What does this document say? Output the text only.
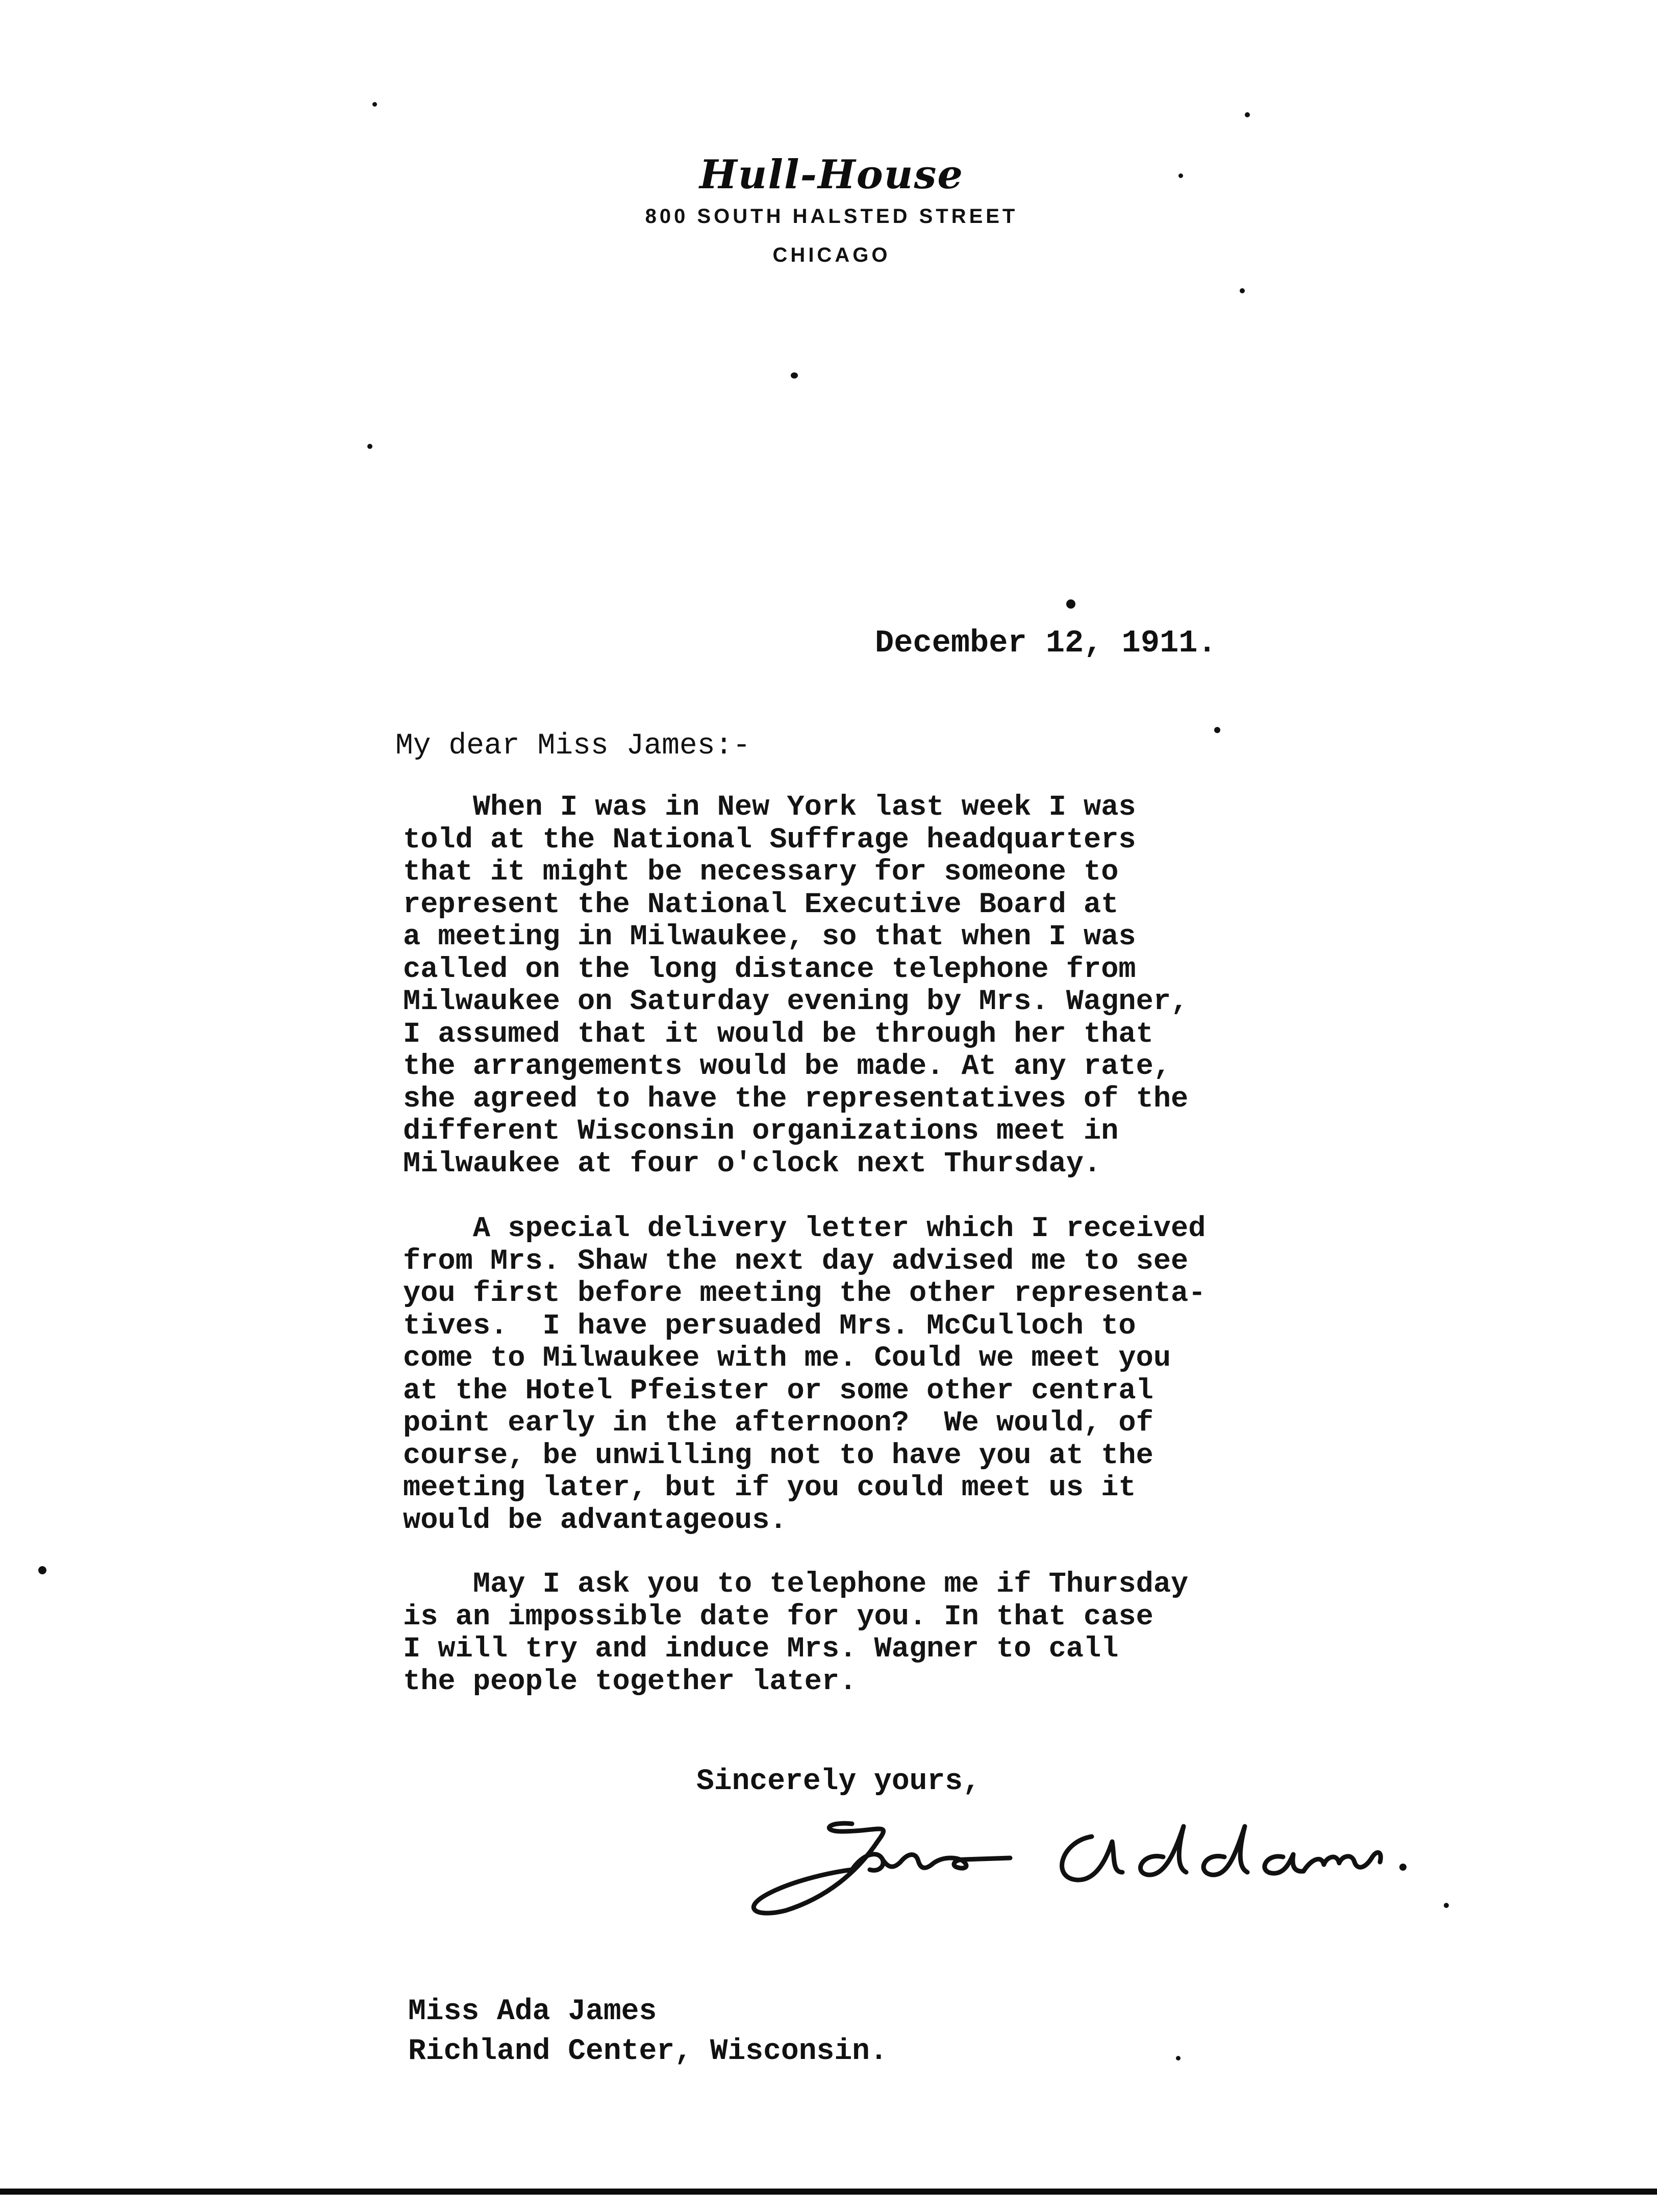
Hull-House
800 SOUTH HALSTED STREET
CHICAGO
December 12, 1911.
My dear Miss James:-
When I was in New York last week I was
told at the National Suffrage headquarters
that it might be necessary for someone to
represent the National Executive Board at
a meeting in Milwaukee, so that when I was
called on the long distance telephone from
Milwaukee on Saturday evening by Mrs. Wagner,
I assumed that it would be through her that
the arrangements would be made. At any rate,
she agreed to have the representatives of the
different Wisconsin organizations meet in
Milwaukee at four o'clock next Thursday.
A special delivery letter which I received
from Mrs. Shaw the next day advised me to see
you first before meeting the other representa-
tives.  I have persuaded Mrs. McCulloch to
come to Milwaukee with me. Could we meet you
at the Hotel Pfeister or some other central
point early in the afternoon?  We would, of
course, be unwilling not to have you at the
meeting later, but if you could meet us it
would be advantageous.
May I ask you to telephone me if Thursday
is an impossible date for you. In that case
I will try and induce Mrs. Wagner to call
the people together later.
Sincerely yours,
Miss Ada James
Richland Center, Wisconsin.
